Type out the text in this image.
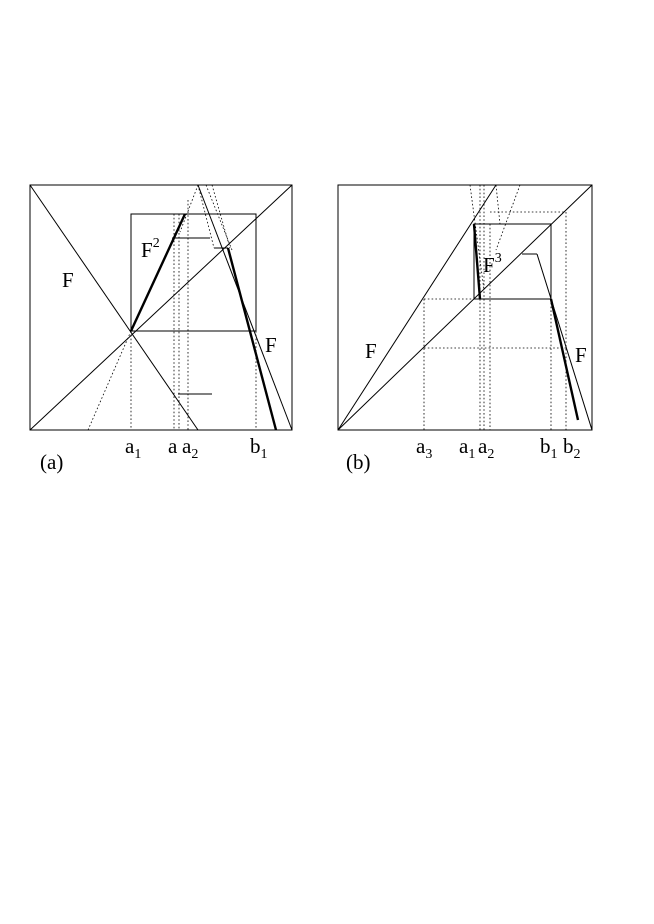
F
$F^2$
F
$a_1$ a $a_2$ $b_1$
(a)
F
$F^3$
F
$a_3$ $a_1$ $a_2$ $b_1$ $b_2$
(b)
